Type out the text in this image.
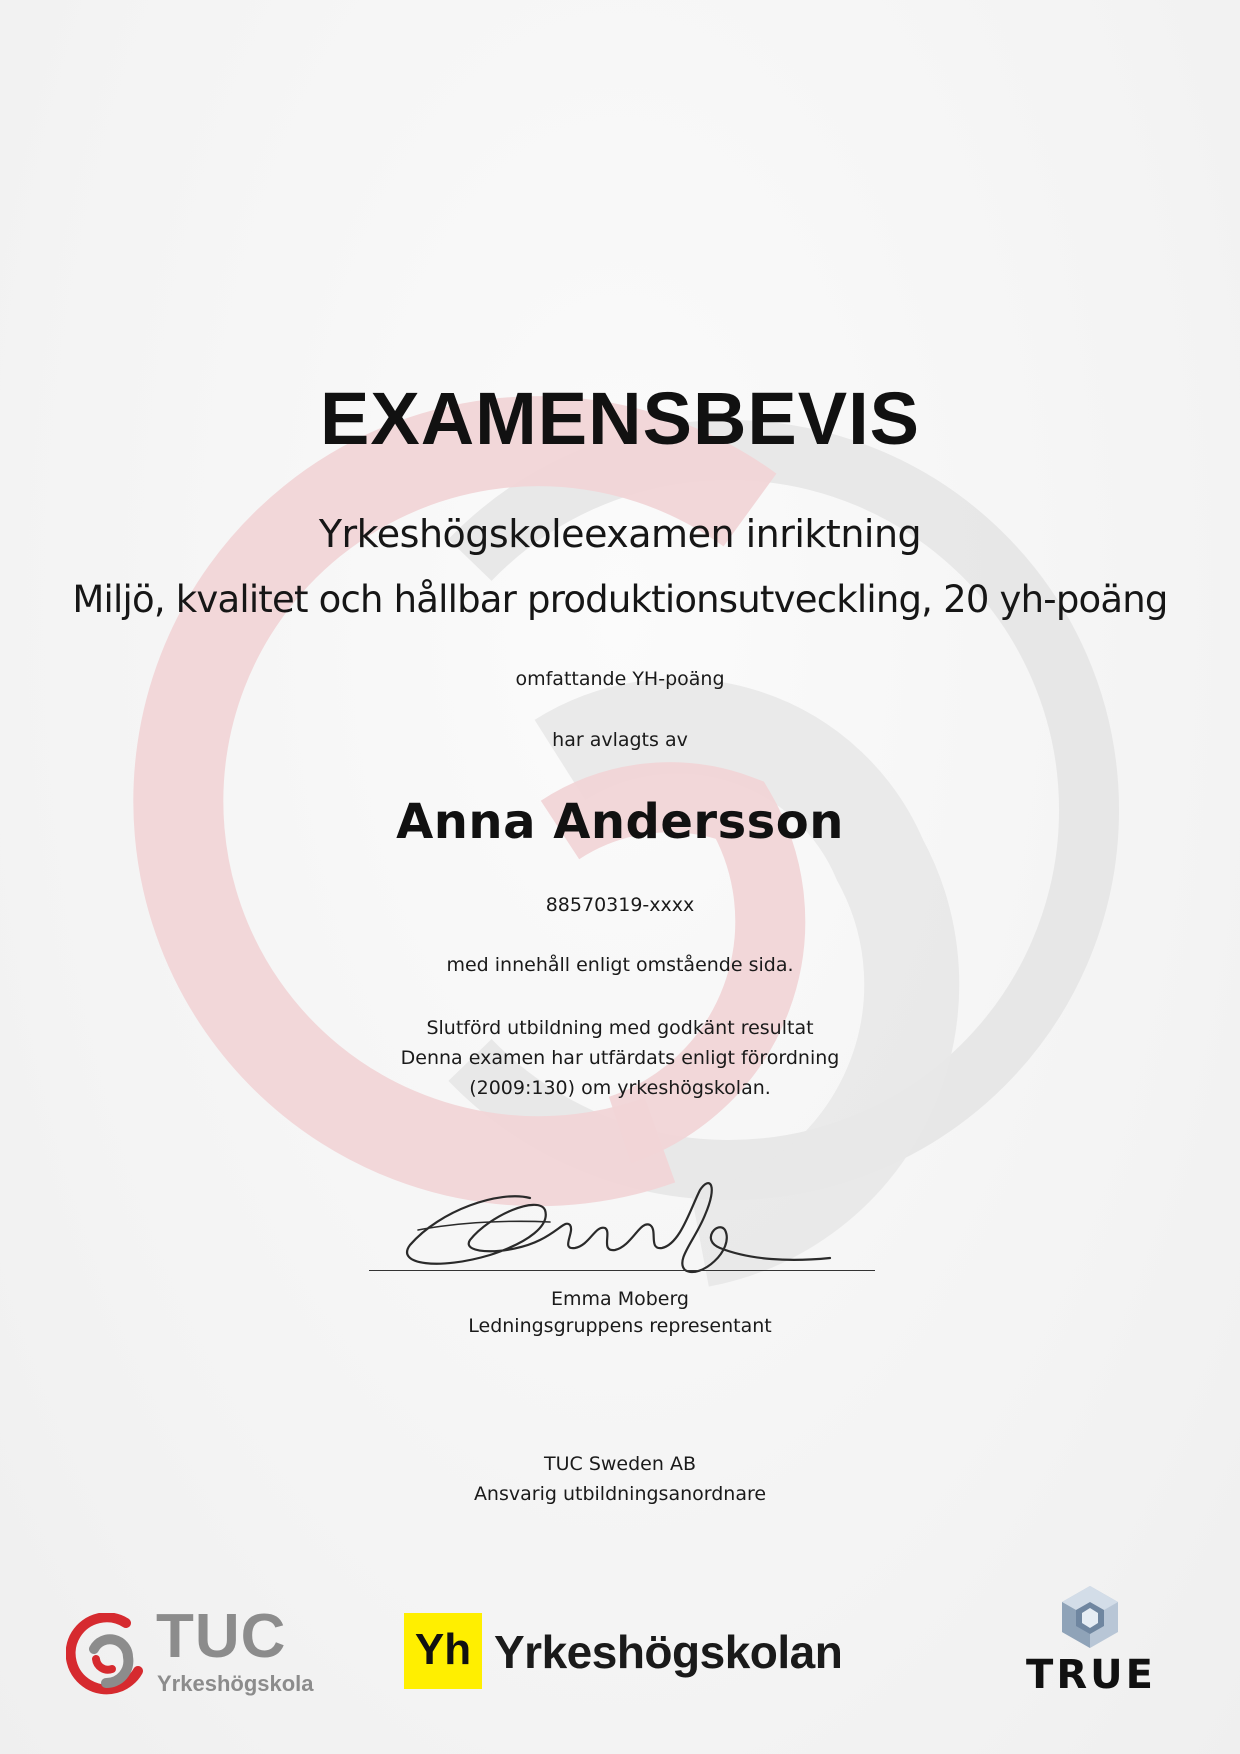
EXAMENSBEVIS
Yrkeshögskoleexamen inriktning
Miljö, kvalitet och hållbar produktionsutveckling, 20 yh-poäng
omfattande YH-poäng
har avlagts av
Anna Andersson
88570319-xxxx
med innehåll enligt omstående sida.
Slutförd utbildning med godkänt resultat
Denna examen har utfärdats enligt förordning
(2009:130) om yrkeshögskolan.
Emma Moberg
Ledningsgruppens representant
TUC Sweden AB
Ansvarig utbildningsanordnare
TUC
Yrkeshögskola
Yh Yrkeshögskolan	TRUE
